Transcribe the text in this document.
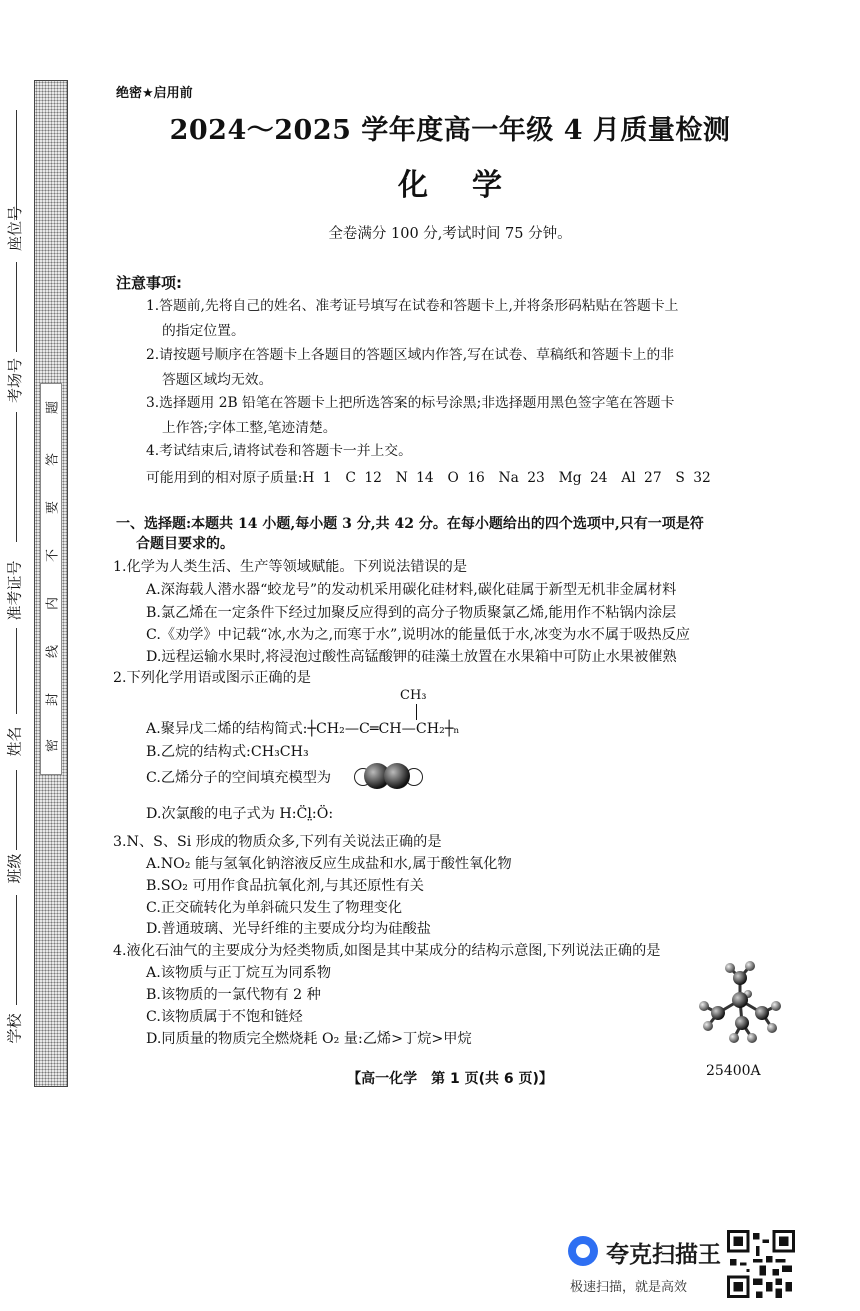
密
封
线
内
不
要
答
题
座位号
考场号
准考证号
姓名
班级
学校
绝密★启用前
2024～2025 学年度高一年级 4 月质量检测
化学
全卷满分 100 分,考试时间 75 分钟。
注意事项:
1.答题前,先将自己的姓名、准考证号填写在试卷和答题卡上,并将条形码粘贴在答题卡上
的指定位置。
2.请按题号顺序在答题卡上各题目的答题区域内作答,写在试卷、草稿纸和答题卡上的非
答题区域均无效。
3.选择题用 2B 铅笔在答题卡上把所选答案的标号涂黑;非选择题用黑色签字笔在答题卡
上作答;字体工整,笔迹清楚。
4.考试结束后,请将试卷和答题卡一并上交。
可能用到的相对原子质量:H 1　C 12　N 14　O 16　Na 23　Mg 24　Al 27　S 32
一、选择题:本题共 14 小题,每小题 3 分,共 42 分。在每小题给出的四个选项中,只有一项是符
合题目要求的。
1.化学为人类生活、生产等领域赋能。下列说法错误的是
A.深海载人潜水器“蛟龙号”的发动机采用碳化硅材料,碳化硅属于新型无机非金属材料
B.氯乙烯在一定条件下经过加聚反应得到的高分子物质聚氯乙烯,能用作不粘锅内涂层
C.《劝学》中记载“冰,水为之,而寒于水”,说明冰的能量低于水,冰变为水不属于吸热反应
D.远程运输水果时,将浸泡过酸性高锰酸钾的硅藻土放置在水果箱中可防止水果被催熟
2.下列化学用语或图示正确的是
CH₃
A.聚异戊二烯的结构简式:┼CH₂—C═CH—CH₂┼ₙ
B.乙烷的结构式:CH₃CH₃
C.乙烯分子的空间填充模型为
D.次氯酸的电子式为 H:C̈l̤:Ö:
3.N、S、Si 形成的物质众多,下列有关说法正确的是
A.NO₂ 能与氢氧化钠溶液反应生成盐和水,属于酸性氧化物
B.SO₂ 可用作食品抗氧化剂,与其还原性有关
C.正交硫转化为单斜硫只发生了物理变化
D.普通玻璃、光导纤维的主要成分均为硅酸盐
4.液化石油气的主要成分为烃类物质,如图是其中某成分的结构示意图,下列说法正确的是
A.该物质与正丁烷互为同系物
B.该物质的一氯代物有 2 种
C.该物质属于不饱和链烃
D.同质量的物质完全燃烧耗 O₂ 量:乙烯>丁烷>甲烷
【高一化学　第 1 页(共 6 页)】	25400A
夸克扫描王
极速扫描，就是高效
